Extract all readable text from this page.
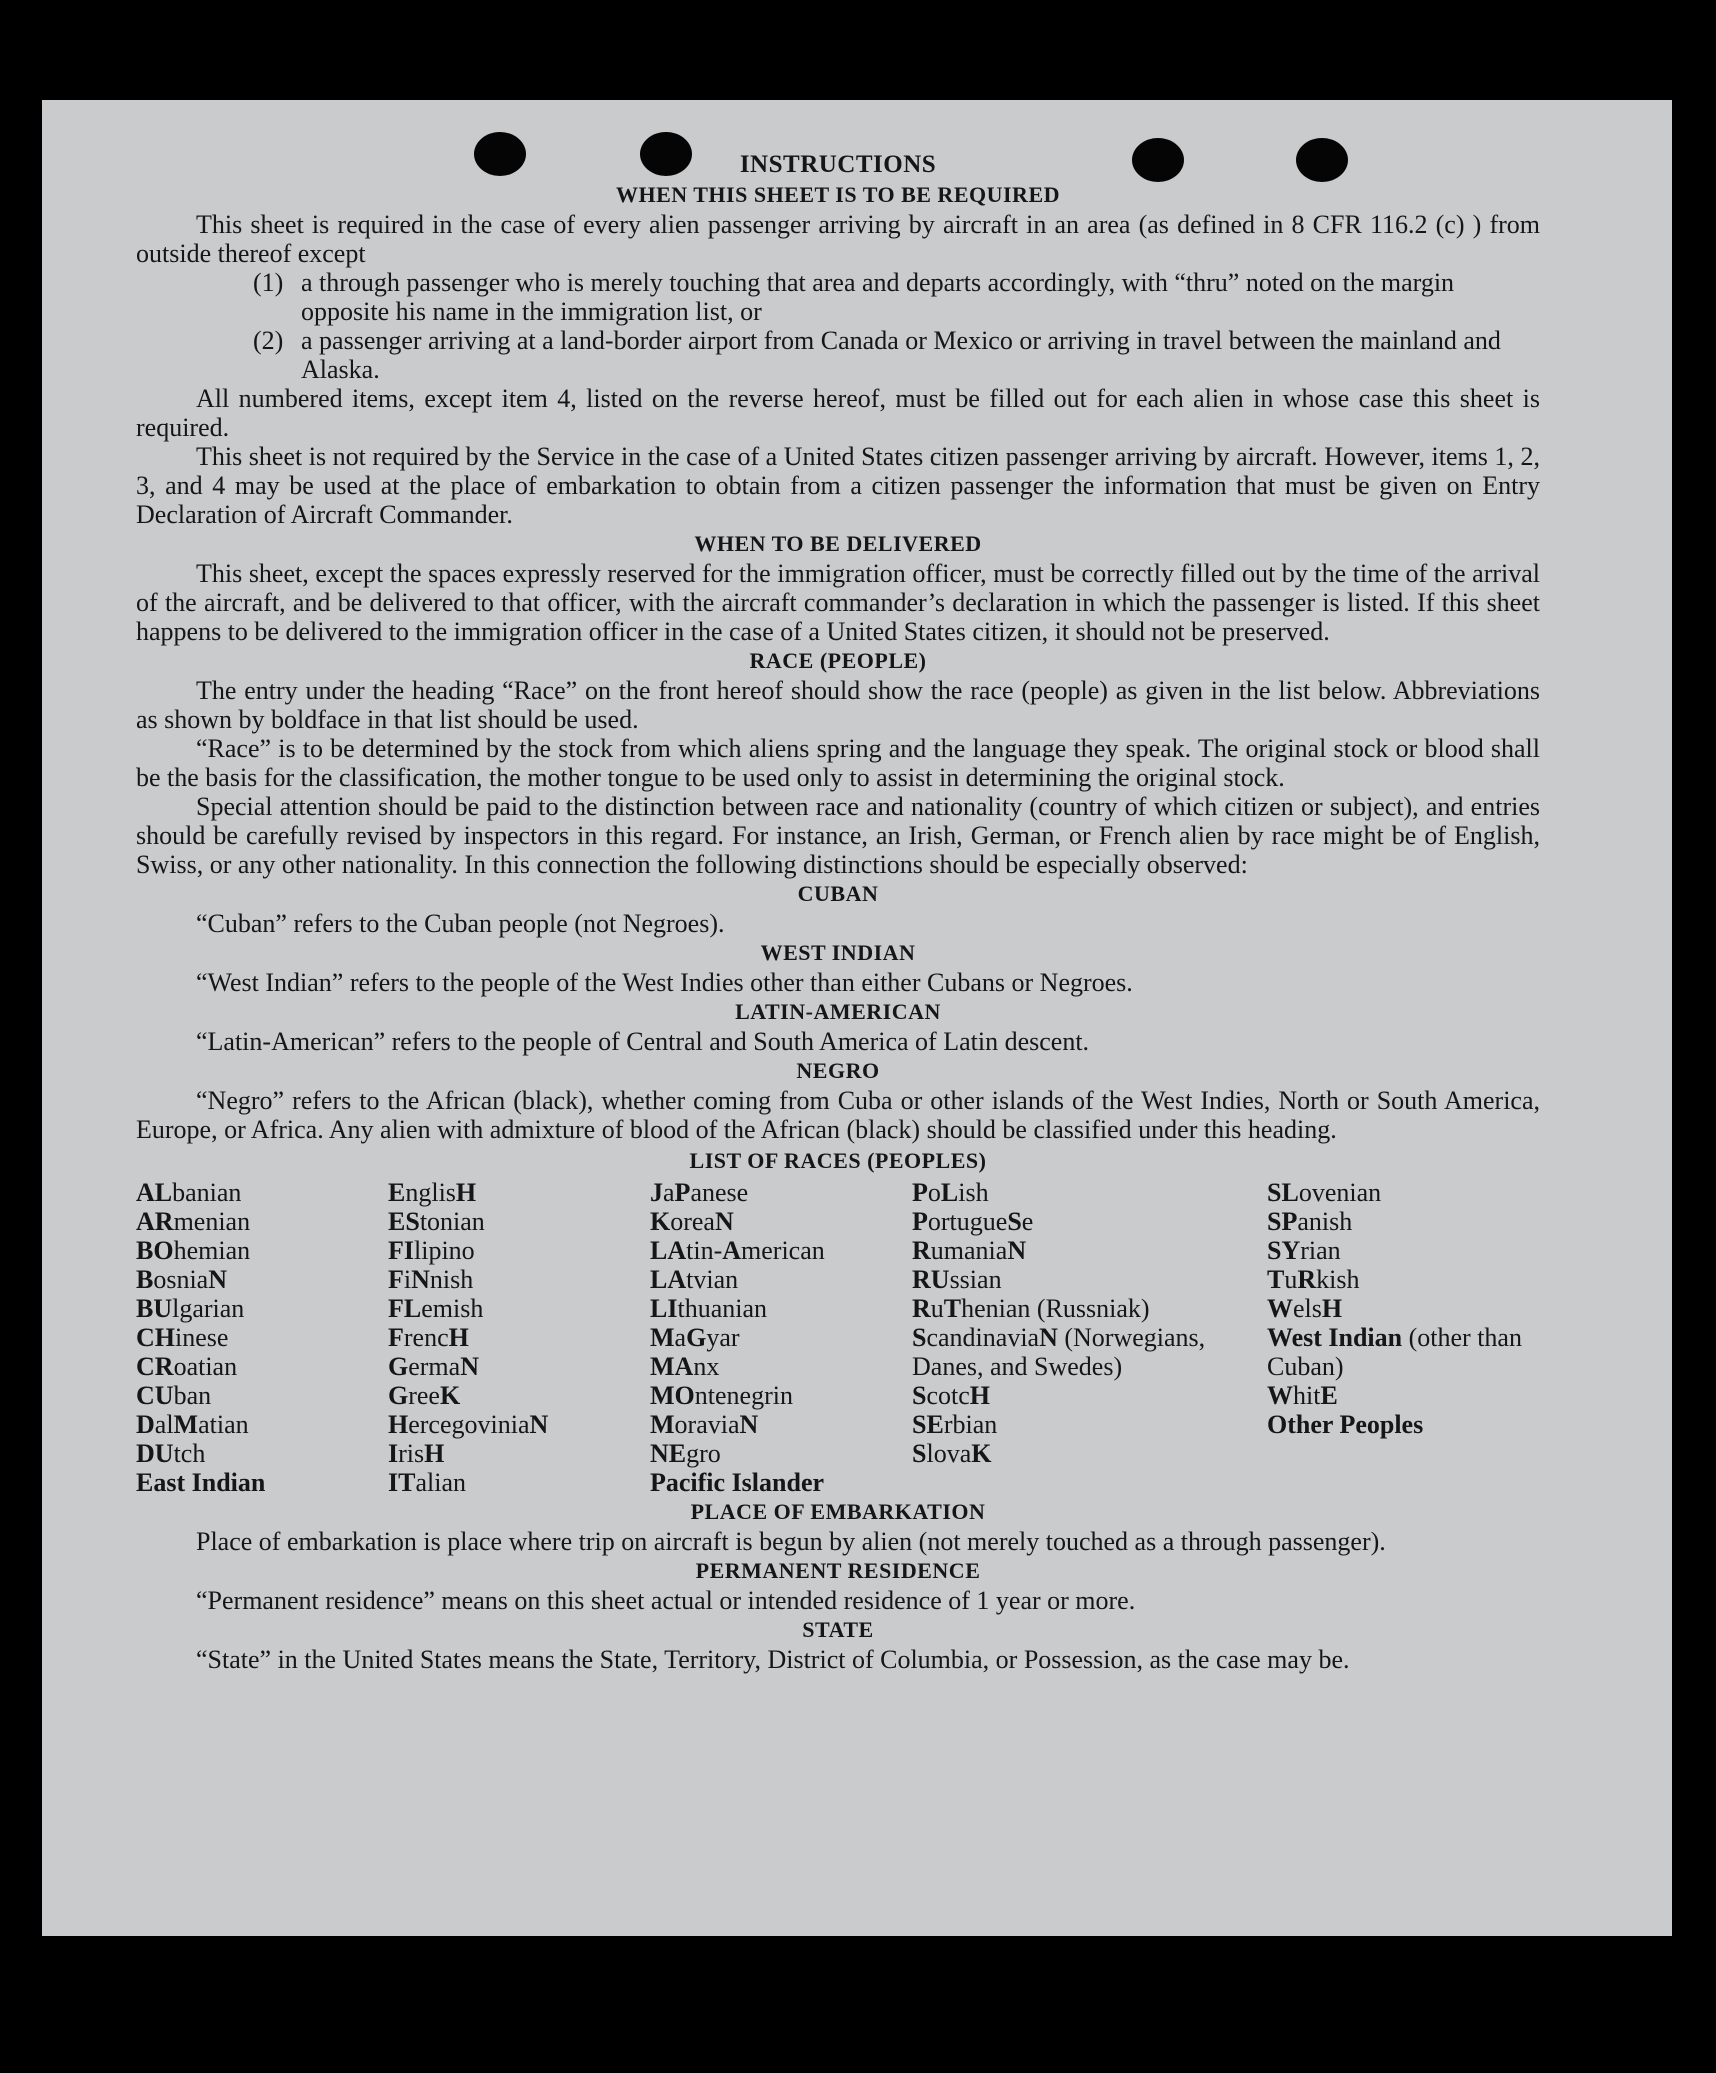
INSTRUCTIONS
WHEN THIS SHEET IS TO BE REQUIRED

This sheet is required in the case of every alien passenger arriving by aircraft in an area (as defined in 8 CFR 116.2 (c) ) from outside thereof except

(1) a through passenger who is merely touching that area and departs accordingly, with “thru” noted on the margin opposite his name in the immigration list, or
(2) a passenger arriving at a land-border airport from Canada or Mexico or arriving in travel between the mainland and Alaska.

All numbered items, except item 4, listed on the reverse hereof, must be filled out for each alien in whose case this sheet is required.

This sheet is not required by the Service in the case of a United States citizen passenger arriving by aircraft. However, items 1, 2, 3, and 4 may be used at the place of embarkation to obtain from a citizen passenger the information that must be given on Entry Declaration of Aircraft Commander.

WHEN TO BE DELIVERED

This sheet, except the spaces expressly reserved for the immigration officer, must be correctly filled out by the time of the arrival of the aircraft, and be delivered to that officer, with the aircraft commander’s declaration in which the passenger is listed. If this sheet happens to be delivered to the immigration officer in the case of a United States citizen, it should not be preserved.

RACE (PEOPLE)

The entry under the heading “Race” on the front hereof should show the race (people) as given in the list below. Abbreviations as shown by boldface in that list should be used.

“Race” is to be determined by the stock from which aliens spring and the language they speak. The original stock or blood shall be the basis for the classification, the mother tongue to be used only to assist in determining the original stock.

Special attention should be paid to the distinction between race and nationality (country of which citizen or subject), and entries should be carefully revised by inspectors in this regard. For instance, an Irish, German, or French alien by race might be of English, Swiss, or any other nationality. In this connection the following distinctions should be especially observed:

CUBAN

“Cuban” refers to the Cuban people (not Negroes).

WEST INDIAN

“West Indian” refers to the people of the West Indies other than either Cubans or Negroes.

LATIN-AMERICAN

“Latin-American” refers to the people of Central and South America of Latin descent.

NEGRO

“Negro” refers to the African (black), whether coming from Cuba or other islands of the West Indies, North or South America, Europe, or Africa. Any alien with admixture of blood of the African (black) should be classified under this heading.

LIST OF RACES (PEOPLES)
ALbanian
ARmenian
BOhemian
BosniaN
BUlgarian
CHinese
CRoatian
CUban
DalMatian
DUtch
East Indian
EnglisH
EStonian
FIlipino
FiNnish
FLemish
FrencH
GermaN
GreeK
HercegoviniaN
IrisH
ITalian
JaPanese
KoreaN
LAtin-American
LAtvian
LIthuanian
MaGyar
MAnx
MOntenegrin
MoraviaN
NEgro
Pacific Islander
PoLish
PortugueSe
RumaniaN
RUssian
RuThenian (Russniak)
ScandinaviaN (Norwegians, Danes, and Swedes)
ScotcH
SErbian
SlovaK
SLovenian
SPanish
SYrian
TuRkish
WelsH
West Indian (other than Cuban)
WhitE
Other Peoples
PLACE OF EMBARKATION

Place of embarkation is place where trip on aircraft is begun by alien (not merely touched as a through passenger).

PERMANENT RESIDENCE

“Permanent residence” means on this sheet actual or intended residence of 1 year or more.

STATE

“State” in the United States means the State, Territory, District of Columbia, or Possession, as the case may be.
